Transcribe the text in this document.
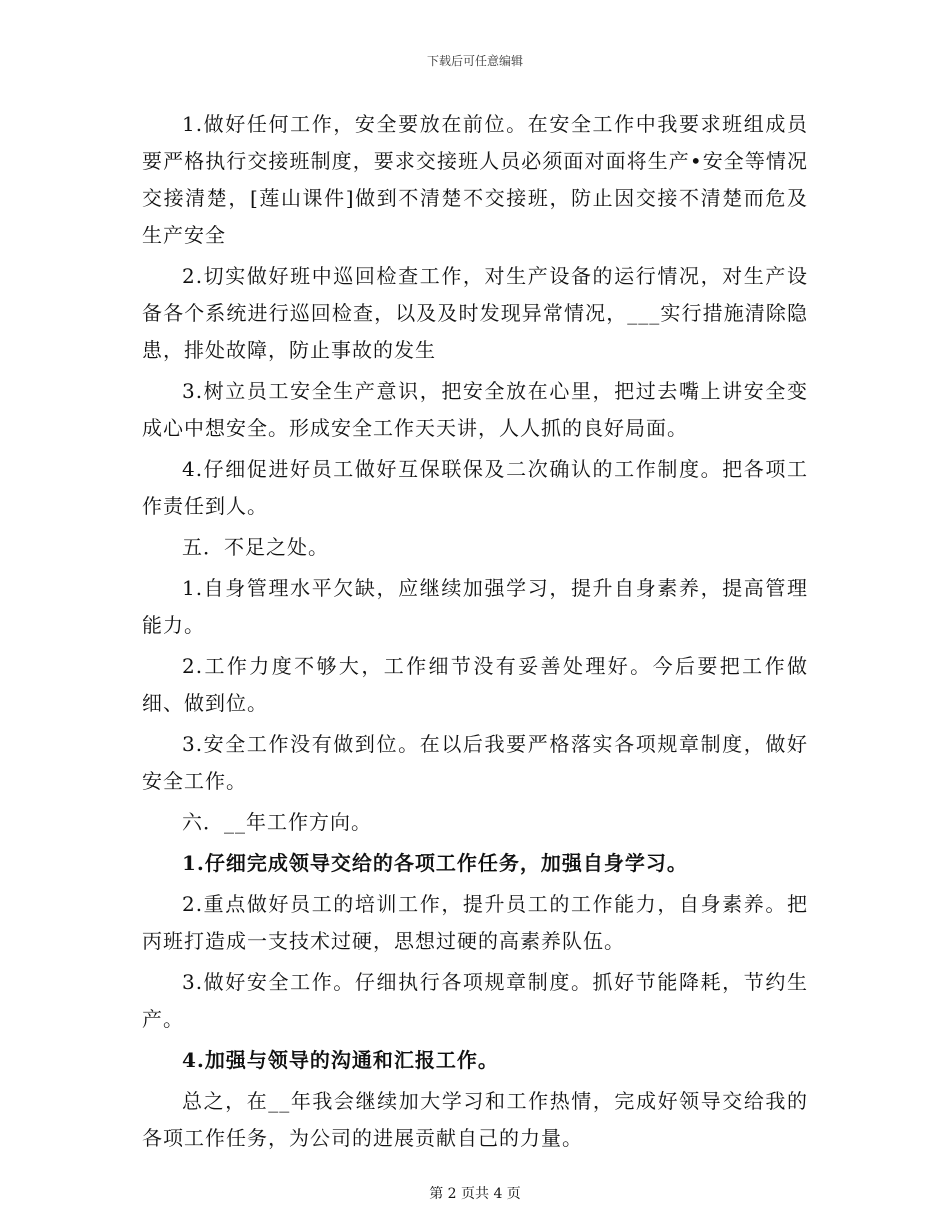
下载后可任意编辑

1.做好任何工作，安全要放在前位。在安全工作中我要求班组成员要严格执行交接班制度，要求交接班人员必须面对面将生产•安全等情况交接清楚，[莲山课件]做到不清楚不交接班，防止因交接不清楚而危及生产安全

2.切实做好班中巡回检查工作，对生产设备的运行情况，对生产设备各个系统进行巡回检查，以及及时发现异常情况，___实行措施清除隐患，排处故障，防止事故的发生

3.树立员工安全生产意识，把安全放在心里，把过去嘴上讲安全变成心中想安全。形成安全工作天天讲，人人抓的良好局面。

4.仔细促进好员工做好互保联保及二次确认的工作制度。把各项工作责任到人。

五．不足之处。

1.自身管理水平欠缺，应继续加强学习，提升自身素养，提高管理能力。

2.工作力度不够大，工作细节没有妥善处理好。今后要把工作做细、做到位。

3.安全工作没有做到位。在以后我要严格落实各项规章制度，做好安全工作。

六．__年工作方向。

1.仔细完成领导交给的各项工作任务，加强自身学习。

2.重点做好员工的培训工作，提升员工的工作能力，自身素养。把丙班打造成一支技术过硬，思想过硬的高素养队伍。

3.做好安全工作。仔细执行各项规章制度。抓好节能降耗，节约生产。

4.加强与领导的沟通和汇报工作。

总之，在__年我会继续加大学习和工作热情，完成好领导交给我的各项工作任务，为公司的进展贡献自己的力量。

第 2 页共 4 页
